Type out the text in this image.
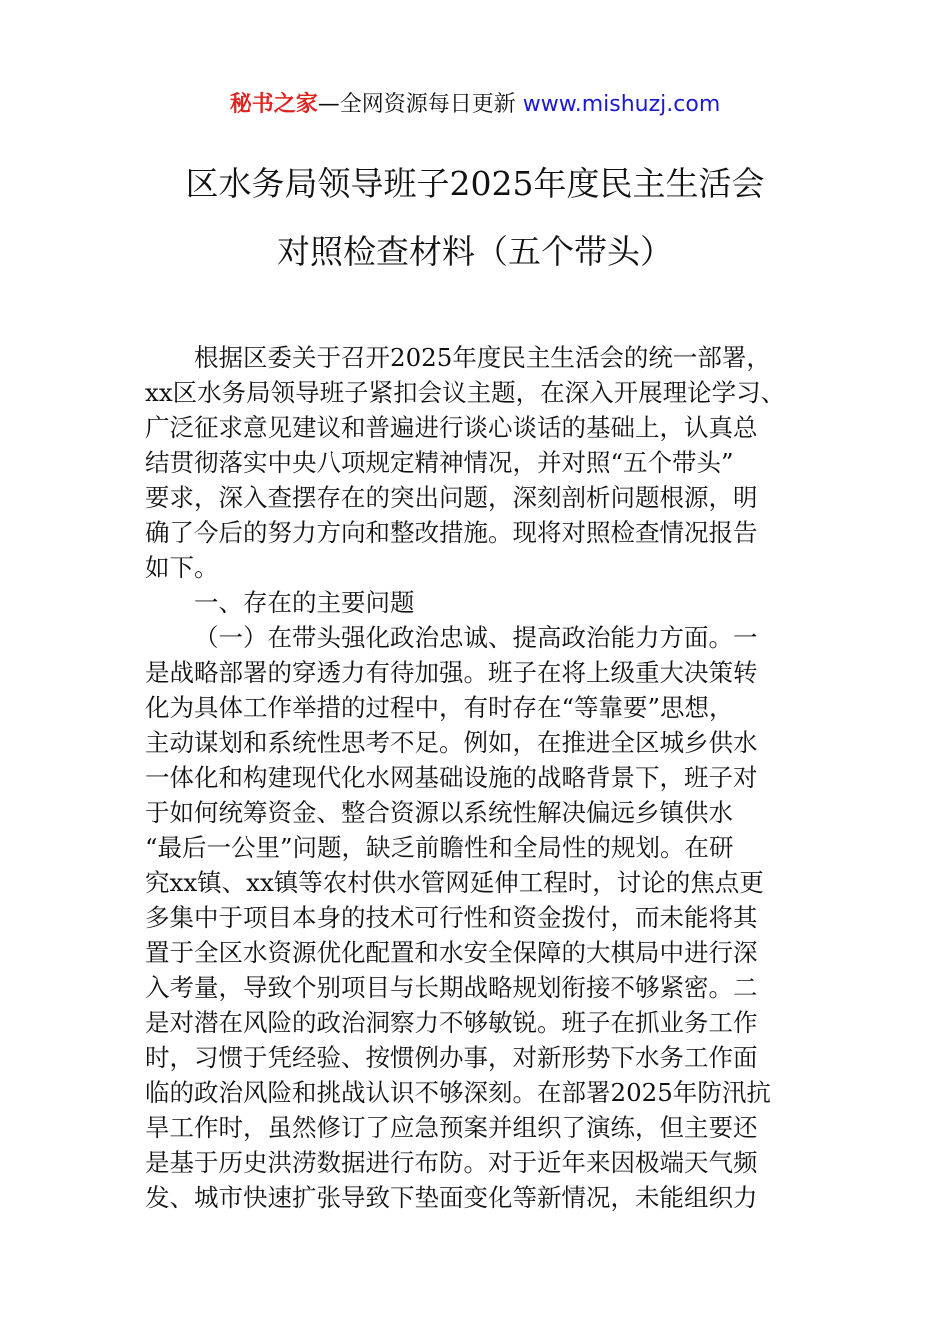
秘书之家—全网资源每日更新 www.mishuzj.com
区水务局领导班子2025年度民主生活会
对照检查材料（五个带头）
根据区委关于召开2025年度民主生活会的统一部署，
xx区水务局领导班子紧扣会议主题，在深入开展理论学习、
广泛征求意见建议和普遍进行谈心谈话的基础上，认真总
结贯彻落实中央八项规定精神情况，并对照“五个带头”
要求，深入查摆存在的突出问题，深刻剖析问题根源，明
确了今后的努力方向和整改措施。现将对照检查情况报告
如下。
一、存在的主要问题
（一）在带头强化政治忠诚、提高政治能力方面。一
是战略部署的穿透力有待加强。班子在将上级重大决策转
化为具体工作举措的过程中，有时存在“等靠要”思想，
主动谋划和系统性思考不足。例如，在推进全区城乡供水
一体化和构建现代化水网基础设施的战略背景下，班子对
于如何统筹资金、整合资源以系统性解决偏远乡镇供水
“最后一公里”问题，缺乏前瞻性和全局性的规划。在研
究xx镇、xx镇等农村供水管网延伸工程时，讨论的焦点更
多集中于项目本身的技术可行性和资金拨付，而未能将其
置于全区水资源优化配置和水安全保障的大棋局中进行深
入考量，导致个别项目与长期战略规划衔接不够紧密。二
是对潜在风险的政治洞察力不够敏锐。班子在抓业务工作
时，习惯于凭经验、按惯例办事，对新形势下水务工作面
临的政治风险和挑战认识不够深刻。在部署2025年防汛抗
旱工作时，虽然修订了应急预案并组织了演练，但主要还
是基于历史洪涝数据进行布防。对于近年来因极端天气频
发、城市快速扩张导致下垫面变化等新情况，未能组织力
